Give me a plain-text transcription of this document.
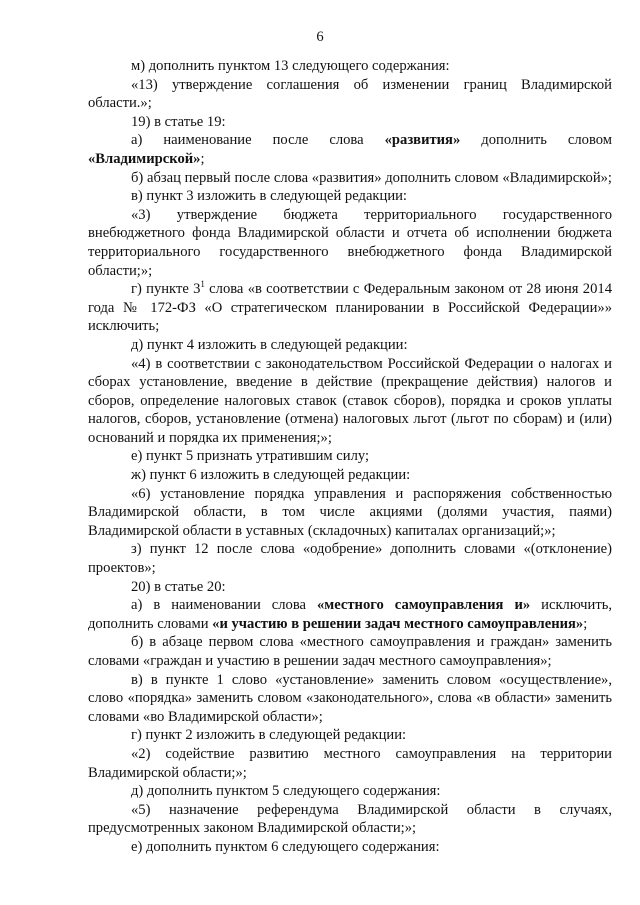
6

м) дополнить пунктом 13 следующего содержания:

«13) утверждение соглашения об изменении границ Владимирской области.»;

19) в статье 19:

а) наименование после слова «развития» дополнить словом «Владимирской»;

б) абзац первый после слова «развития» дополнить словом «Владимирской»;

в) пункт 3 изложить в следующей редакции:

«3) утверждение бюджета территориального государственного внебюджетного фонда Владимирской области и отчета об исполнении бюджета территориального государственного внебюджетного фонда Владимирской области;»;

г) пункте $3^1$ слова «в соответствии с Федеральным законом от 28 июня 2014 года № 172-ФЗ «О стратегическом планировании в Российской Федерации»» исключить;

д) пункт 4 изложить в следующей редакции:

«4) в соответствии с законодательством Российской Федерации о налогах и сборах установление, введение в действие (прекращение действия) налогов и сборов, определение налоговых ставок (ставок сборов), порядка и сроков уплаты налогов, сборов, установление (отмена) налоговых льгот (льгот по сборам) и (или) оснований и порядка их применения;»;

е) пункт 5 признать утратившим силу;

ж) пункт 6 изложить в следующей редакции:

«6) установление порядка управления и распоряжения собственностью Владимирской области, в том числе акциями (долями участия, паями) Владимирской области в уставных (складочных) капиталах организаций;»;

з) пункт 12 после слова «одобрение» дополнить словами «(отклонение) проектов»;

20) в статье 20:

а) в наименовании слова «местного самоуправления и» исключить, дополнить словами «и участию в решении задач местного самоуправления»;

б) в абзаце первом слова «местного самоуправления и граждан» заменить словами «граждан и участию в решении задач местного самоуправления»;

в) в пункте 1 слово «установление» заменить словом «осуществление», слово «порядка» заменить словом «законодательного», слова «в области» заменить словами «во Владимирской области»;

г) пункт 2 изложить в следующей редакции:

«2) содействие развитию местного самоуправления на территории Владимирской области;»;

д) дополнить пунктом 5 следующего содержания:

«5) назначение референдума Владимирской области в случаях, предусмотренных законом Владимирской области;»;

е) дополнить пунктом 6 следующего содержания:
